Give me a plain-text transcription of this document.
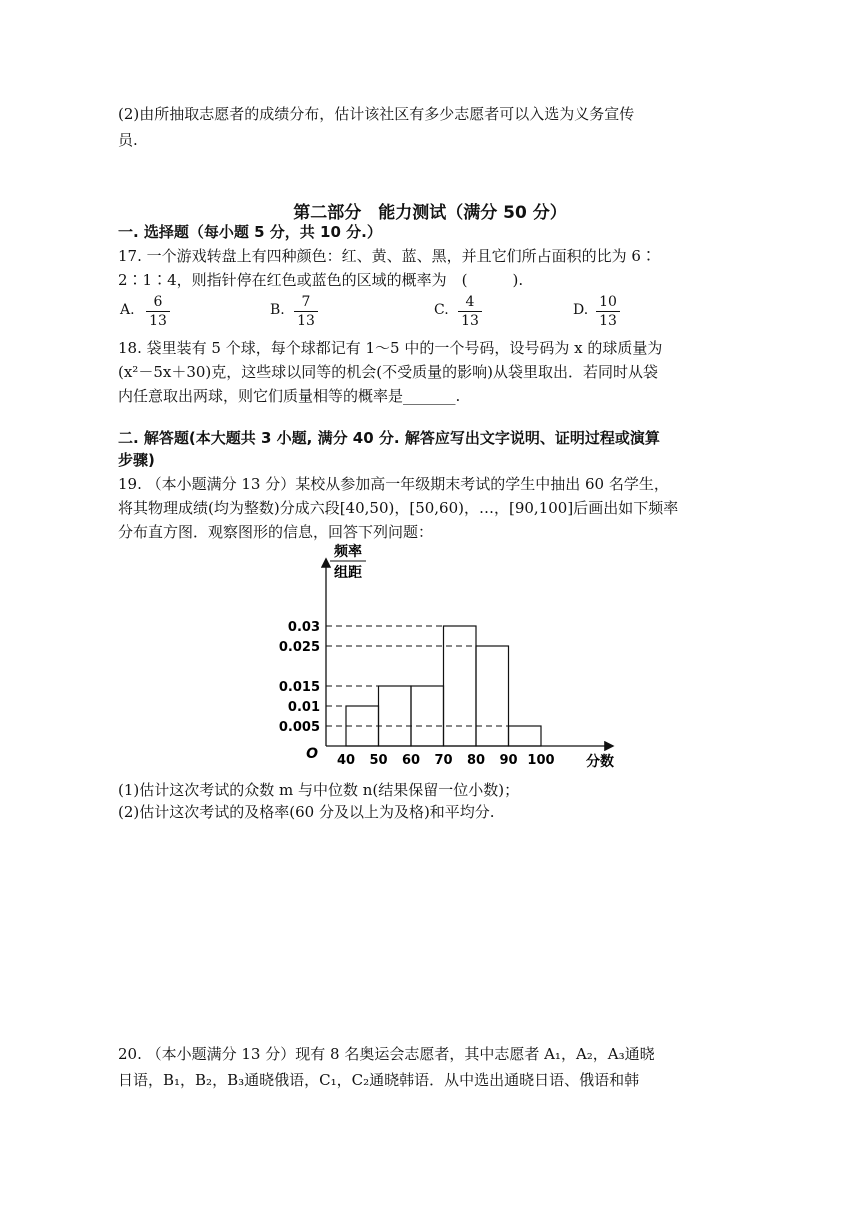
(2)由所抽取志愿者的成绩分布，估计该社区有多少志愿者可以入选为义务宣传
员.
第二部分　能力测试（满分 50 分）
一. 选择题（每小题 5 分，共 10 分.）
17. 一个游戏转盘上有四种颜色：红、黄、蓝、黑，并且它们所占面积的比为 6∶
2∶1∶4，则指针停在红色或蓝色的区域的概率为　(　　　).
A. $\frac{6}{13}$	B. $\frac{7}{13}$	C. $\frac{4}{13}$	D. $\frac{10}{13}$
18. 袋里装有 5 个球，每个球都记有 1～5 中的一个号码，设号码为 x 的球质量为
(x²－5x＋30)克，这些球以同等的机会(不受质量的影响)从袋里取出．若同时从袋
内任意取出两球，则它们质量相等的概率是_______.
二. 解答题(本大题共 3 小题, 满分 40 分. 解答应写出文字说明、证明过程或演算
步骤)
19. （本小题满分 13 分）某校从参加高一年级期末考试的学生中抽出 60 名学生，
将其物理成绩(均为整数)分成六段[40,50)，[50,60)，…，[90,100]后画出如下频率
分布直方图．观察图形的信息，回答下列问题：
频率
组距
O
0.03
0.025
0.015
0.01
0.005
40 50 60 70 80 90 100 分数
(1)估计这次考试的众数 m 与中位数 n(结果保留一位小数)；
(2)估计这次考试的及格率(60 分及以上为及格)和平均分.
20. （本小题满分 13 分）现有 8 名奥运会志愿者，其中志愿者 A₁，A₂，A₃通晓
日语，B₁，B₂，B₃通晓俄语，C₁，C₂通晓韩语．从中选出通晓日语、俄语和韩
